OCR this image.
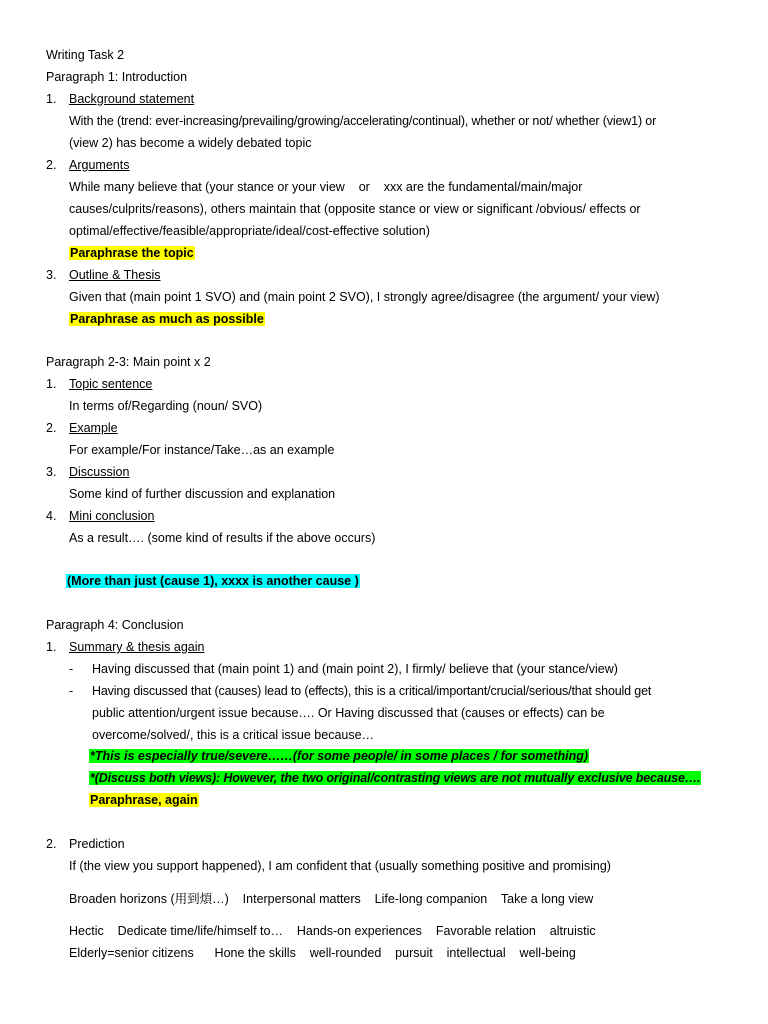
Writing Task 2
Paragraph 1: Introduction
1. Background statement
With the (trend: ever-increasing/prevailing/growing/accelerating/continual), whether or not/ whether (view1) or
(view 2) has become a widely debated topic
2. Arguments
While many believe that (your stance or your view    or    xxx are the fundamental/main/major
causes/culprits/reasons), others maintain that (opposite stance or view or significant /obvious/ effects or
optimal/effective/feasible/appropriate/ideal/cost-effective solution)
Paraphrase the topic
3. Outline & Thesis
Given that (main point 1 SVO) and (main point 2 SVO), I strongly agree/disagree (the argument/ your view)
Paraphrase as much as possible
Paragraph 2-3: Main point x 2
1. Topic sentence
In terms of/Regarding (noun/ SVO)
2. Example
For example/For instance/Take…as an example
3. Discussion
Some kind of further discussion and explanation
4. Mini conclusion
As a result…. (some kind of results if the above occurs)
(More than just (cause 1), xxxx is another cause )
Paragraph 4: Conclusion
1. Summary & thesis again
- Having discussed that (main point 1) and (main point 2), I firmly/ believe that (your stance/view)
- Having discussed that (causes) lead to (effects), this is a critical/important/crucial/serious/that should get
public attention/urgent issue because…. Or Having discussed that (causes or effects) can be
overcome/solved/, this is a critical issue because…
*This is especially true/severe……(for some people/ in some places / for something)
*(Discuss both views): However, the two original/contrasting views are not mutually exclusive because….
Paraphrase, again
2. Prediction
If (the view you support happened), I am confident that (usually something positive and promising)
Broaden horizons (用到煩…)    Interpersonal matters    Life-long companion    Take a long view
Hectic    Dedicate time/life/himself to…    Hands-on experiences    Favorable relation    altruistic
Elderly=senior citizens      Hone the skills    well-rounded    pursuit    intellectual    well-being
